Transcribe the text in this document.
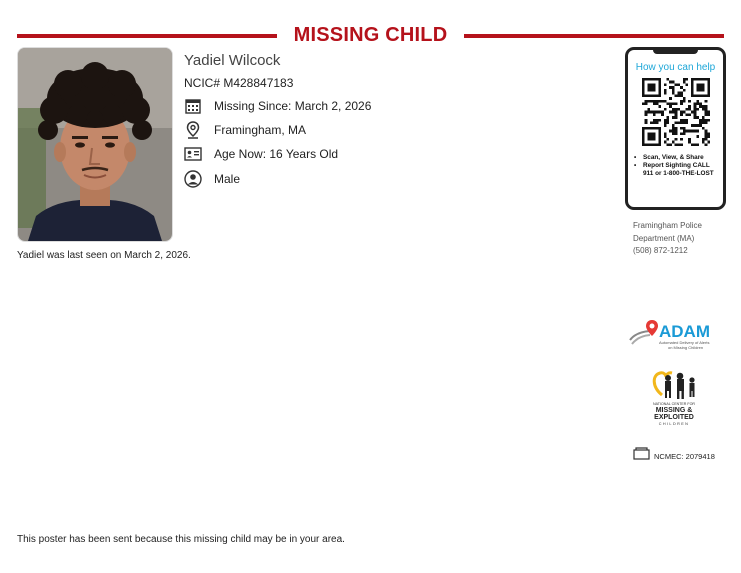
MISSING CHILD
Yadiel was last seen on March 2, 2026.
Yadiel Wilcock
NCIC# M428847183
Missing Since: March 2, 2026
Framingham, MA
Age Now: 16 Years Old
Male
How you can help
•	Scan, View, & Share
•	Report Sighting CALL 911 or 1-800-THE-LOST
Framingham Police
Department (MA)
(508) 872-1212
ADAM
Automated Delivery of Alerts
on Missing Children
NATIONAL CENTER FOR
MISSING &
EXPLOITED
CHILDREN
NCMEC: 2079418
This poster has been sent because this missing child may be in your area.
